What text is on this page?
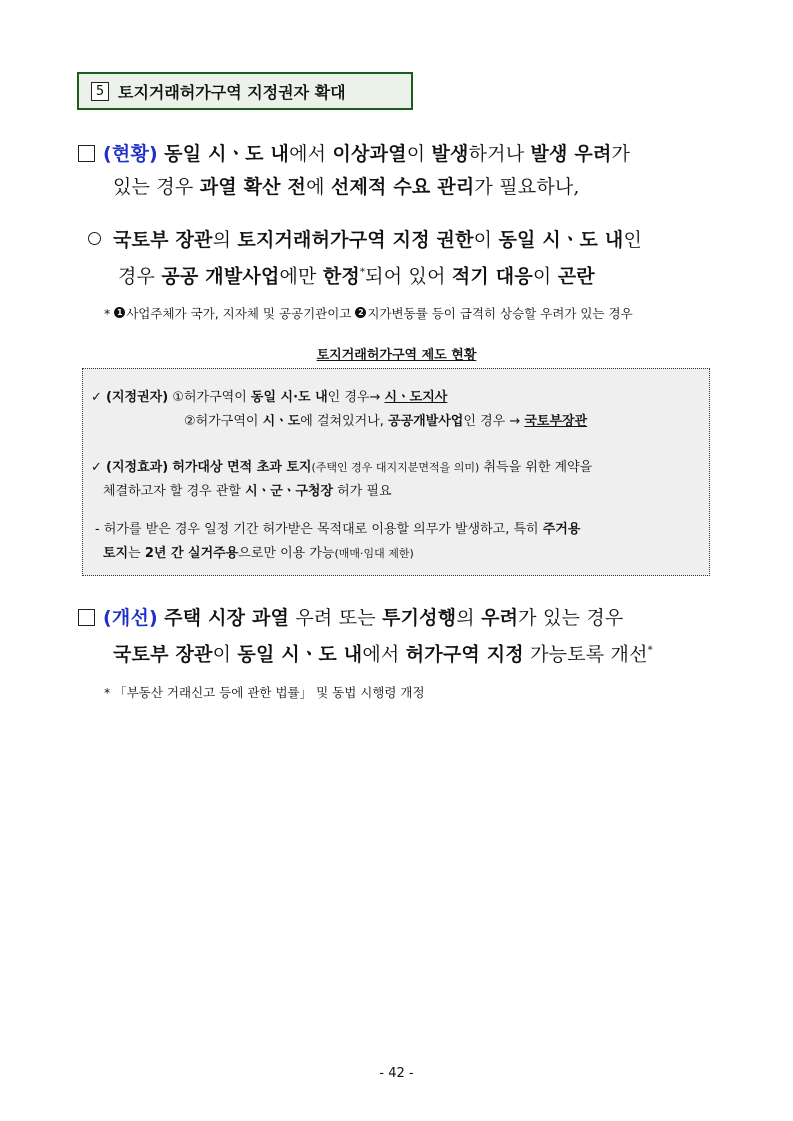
5 토지거래허가구역 지정권자 확대
(현황) 동일 시ㆍ도 내에서 이상과열이 발생하거나 발생 우려가
있는 경우 과열 확산 전에 선제적 수요 관리가 필요하나,
국토부 장관의 토지거래허가구역 지정 권한이 동일 시ㆍ도 내인
경우 공공 개발사업에만 한정*되어 있어 적기 대응이 곤란
* 1 사업주체가 국가, 지자체 및 공공기관이고 2 지가변동률 등이 급격히 상승할 우려가 있는 경우
토지거래허가구역 제도 현황
✓ (지정권자) ①허가구역이 동일 시·도 내인 경우→ 시ㆍ도지사
②허가구역이 시ㆍ도에 걸쳐있거나, 공공개발사업인 경우 → 국토부장관
✓ (지정효과) 허가대상 면적 초과 토지(주택인 경우 대지지분면적을 의미) 취득을 위한 계약을
체결하고자 할 경우 관할 시ㆍ군ㆍ구청장 허가 필요
- 허가를 받은 경우 일정 기간 허가받은 목적대로 이용할 의무가 발생하고, 특히 주거용
토지는 2년 간 실거주용으로만 이용 가능(매매·임대 제한)
(개선) 주택 시장 과열 우려 또는 투기성행의 우려가 있는 경우
국토부 장관이 동일 시ㆍ도 내에서 허가구역 지정 가능토록 개선*
* 「부동산 거래신고 등에 관한 법률」 및 동법 시행령 개정
- 42 -
